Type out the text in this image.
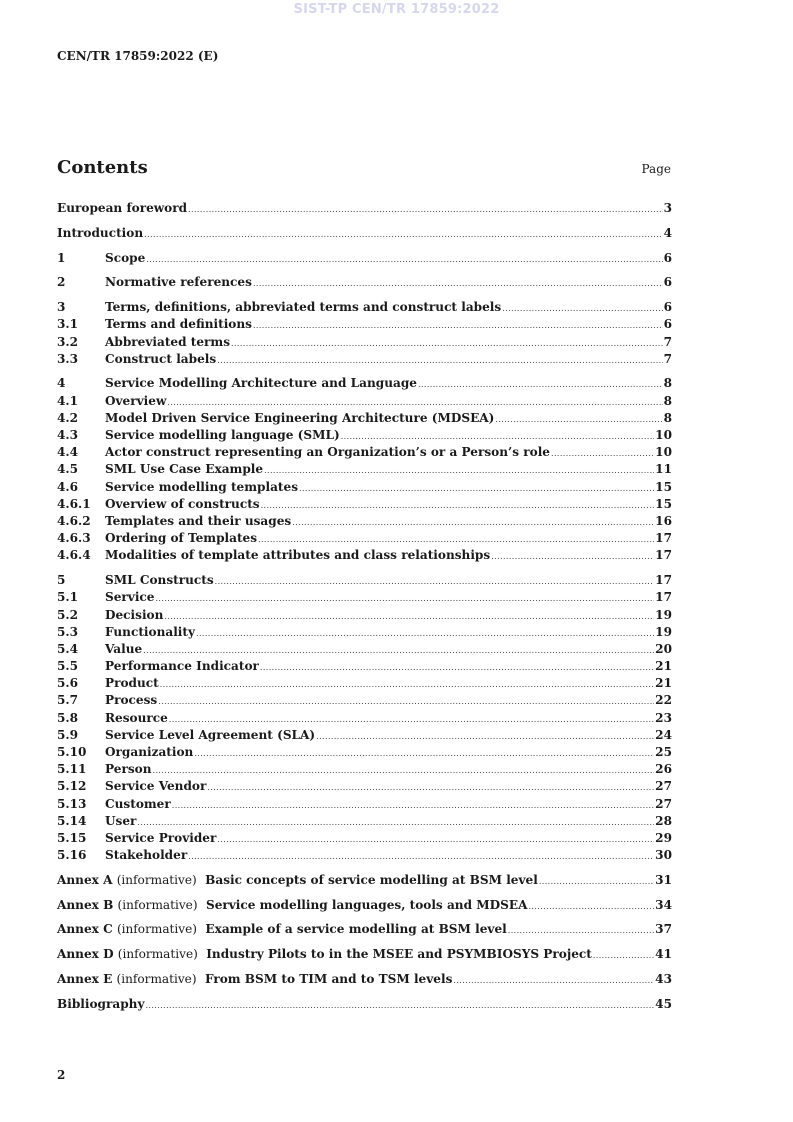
SIST-TP CEN/TR 17859:2022
CEN/TR 17859:2022 (E)
Contents	Page
European foreword .....	3
Introduction .....	4
1	Scope .....	6
2	Normative references .....	6
3	Terms, definitions, abbreviated terms and construct labels .....	6
3.1	Terms and definitions .....	6
3.2	Abbreviated terms .....	7
3.3	Construct labels .....	7
4	Service Modelling Architecture and Language .....	8
4.1	Overview .....	8
4.2	Model Driven Service Engineering Architecture (MDSEA) .....	8
4.3	Service modelling language (SML) .....	10
4.4	Actor construct representing an Organization’s or a Person’s role .....	10
4.5	SML Use Case Example .....	11
4.6	Service modelling templates .....	15
4.6.1	Overview of constructs .....	15
4.6.2	Templates and their usages .....	16
4.6.3	Ordering of Templates .....	17
4.6.4	Modalities of template attributes and class relationships .....	17
5	SML Constructs .....	17
5.1	Service .....	17
5.2	Decision .....	19
5.3	Functionality .....	19
5.4	Value .....	20
5.5	Performance Indicator .....	21
5.6	Product .....	21
5.7	Process .....	22
5.8	Resource .....	23
5.9	Service Level Agreement (SLA) .....	24
5.10	Organization .....	25
5.11	Person .....	26
5.12	Service Vendor .....	27
5.13	Customer .....	27
5.14	User .....	28
5.15	Service Provider .....	29
5.16	Stakeholder .....	30
Annex A (informative) Basic concepts of service modelling at BSM level .....	31
Annex B (informative) Service modelling languages, tools and MDSEA .....	34
Annex C (informative) Example of a service modelling at BSM level .....	37
Annex D (informative) Industry Pilots to in the MSEE and PSYMBIOSYS Project .....	41
Annex E (informative) From BSM to TIM and to TSM levels .....	43
Bibliography .....	45
2
